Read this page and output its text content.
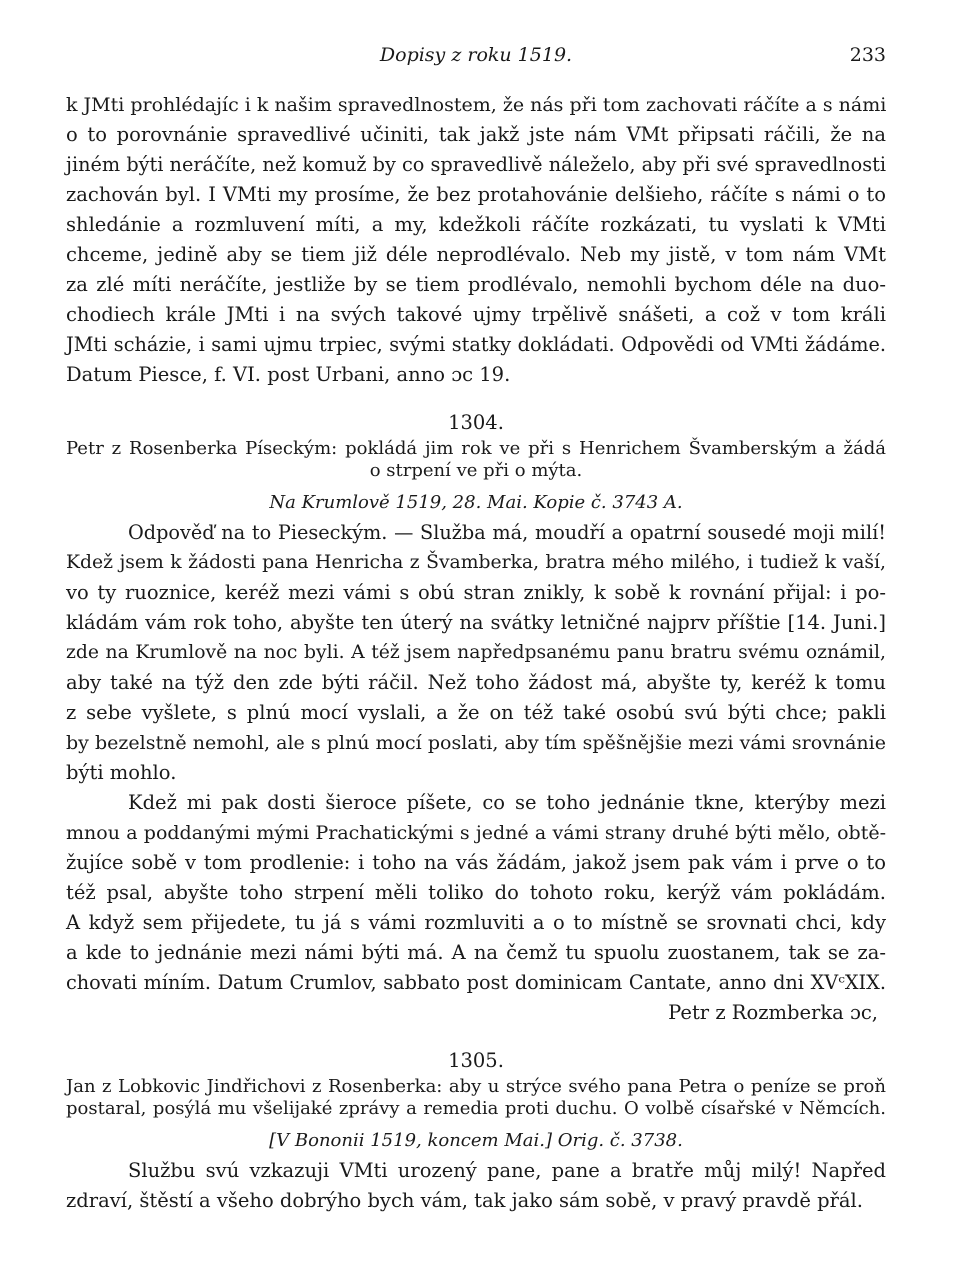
Dopisy z roku 1519.	233
k JMti prohlédajíc i k našim spravedlnostem, že nás při tom zachovati ráčíte a s námi
o to porovnánie spravedlivé učiniti, tak jakž jste nám VMt připsati ráčili, že na
jiném býti neráčíte, než komuž by co spravedlivě náleželo, aby při své spravedlnosti
zachován byl. I VMti my prosíme, že bez protahovánie delšieho, ráčíte s námi o to
shledánie a rozmluvení míti, a my, kdežkoli ráčíte rozkázati, tu vyslati k VMti
chceme, jedině aby se tiem již déle neprodlévalo. Neb my jistě, v tom nám VMt
za zlé míti neráčíte, jestliže by se tiem prodlévalo, nemohli bychom déle na duo-
chodiech krále JMti i na svých takové ujmy trpělivě snášeti, a což v tom králi
JMti scházie, i sami ujmu trpiec, svými statky dokládati. Odpovědi od VMti žádáme.
Datum Piesce, f. VI. post Urbani, anno ɔc 19.
1304.
Petr z Rosenberka Píseckým: pokládá jim rok ve při s Henrichem Švamberským a žádá
o strpení ve při o mýta.
Na Krumlově 1519, 28. Mai. Kopie č. 3743 A.
Odpověď na to Pieseckým. — Služba má, moudří a opatrní sousedé moji milí!
Kdež jsem k žádosti pana Henricha z Švamberka, bratra mého milého, i tudiež k vaší,
vo ty ruoznice, keréž mezi vámi s obú stran znikly, k sobě k rovnání přijal: i po-
kládám vám rok toho, abyšte ten úterý na svátky letničné najprv příštie [14. Juni.]
zde na Krumlově na noc byli. A též jsem napředpsanému panu bratru svému oznámil,
aby také na týž den zde býti ráčil. Než toho žádost má, abyšte ty, keréž k tomu
z sebe vyšlete, s plnú mocí vyslali, a že on též také osobú svú býti chce; pakli
by bezelstně nemohl, ale s plnú mocí poslati, aby tím spěšnějšie mezi vámi srovnánie
býti mohlo.
Kdež mi pak dosti šieroce píšete, co se toho jednánie tkne, kterýby mezi
mnou a poddanými mými Prachatickými s jedné a vámi strany druhé býti mělo, obtě-
žujíce sobě v tom prodlenie: i toho na vás žádám, jakož jsem pak vám i prve o to
též psal, abyšte toho strpení měli toliko do tohoto roku, kerýž vám pokládám.
A když sem přijedete, tu já s vámi rozmluviti a o to místně se srovnati chci, kdy
a kde to jednánie mezi námi býti má. A na čemž tu spuolu zuostanem, tak se za-
chovati míním. Datum Crumlov, sabbato post dominicam Cantate, anno dni XVᶜXIX.
Petr z Rozmberka ɔc,
1305.
Jan z Lobkovic Jindřichovi z Rosenberka: aby u strýce svého pana Petra o peníze se proň
postaral, posýlá mu všelijaké zprávy a remedia proti duchu. O volbě císařské v Němcích.
[V Bononii 1519, koncem Mai.] Orig. č. 3738.
Službu svú vzkazuji VMti urozený pane, pane a bratře můj milý! Napřed
zdraví, štěstí a všeho dobrýho bych vám, tak jako sám sobě, v pravý pravdě přál.
